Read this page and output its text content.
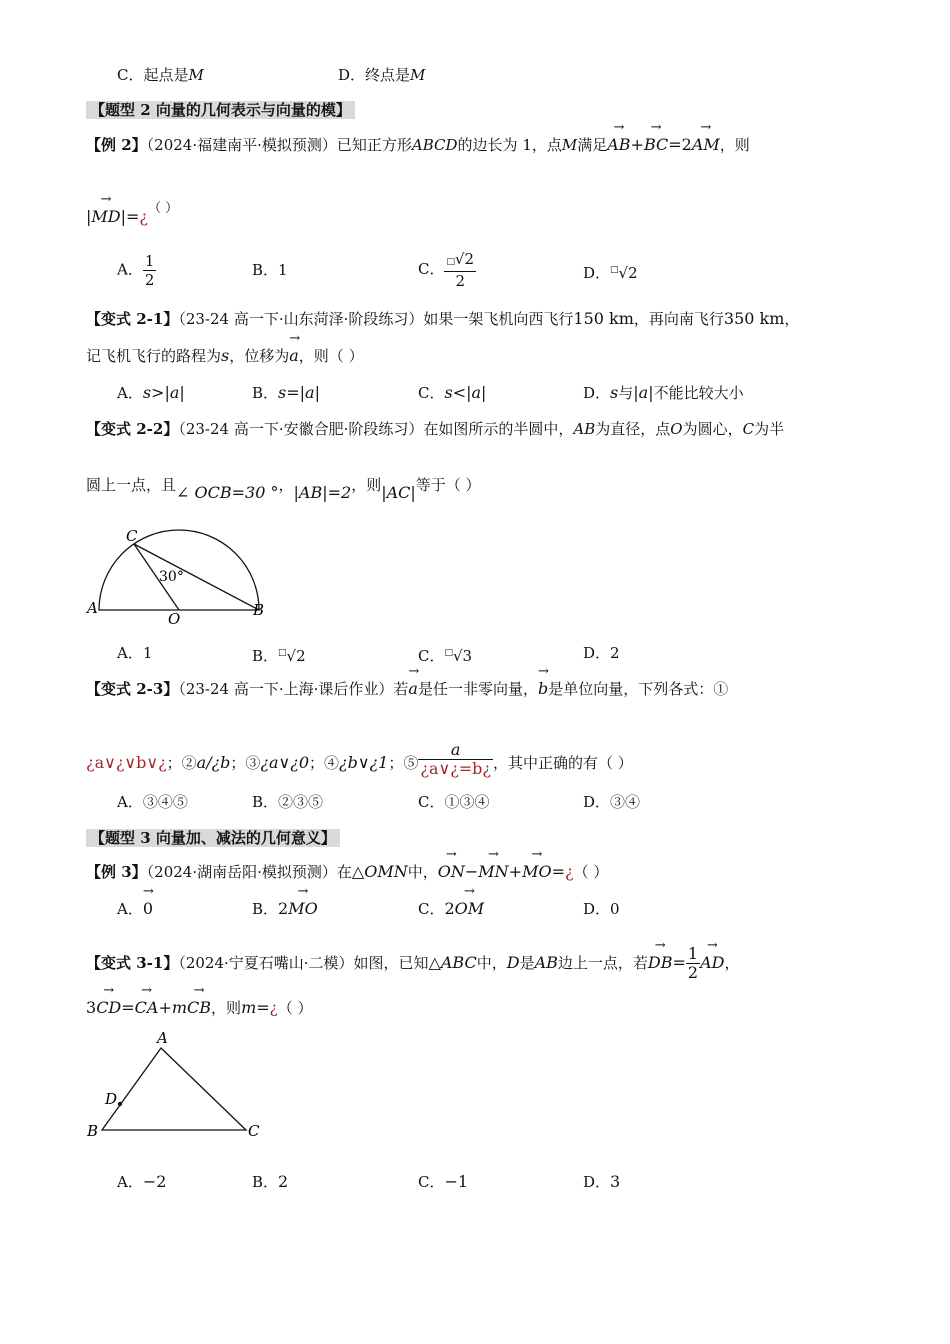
C．起点是M	D．终点是M
【题型 2 向量的几何表示与向量的模】
【例 2】（2024·福建南平·模拟预测）已知正方形ABCD的边长为 1，点M满足→ AB+→ BC=2→ AM，则
|→ MD|=¿（ ）
A． $\frac{1}{2}$	B．1	C． $\frac{□√2}{2}$	D．□√2
【变式 2-1】（23-24 高一下·山东菏泽·阶段练习）如果一架飞机向西飞行150 km，再向南飞行350 km，
记飞机飞行的路程为s，位移为→ a，则（ ）
A．s>|a|	B．s=|a|	C．s<|a|	D．s与|a|不能比较大小
【变式 2-2】（23-24 高一下·安徽合肥·阶段练习）在如图所示的半圆中，AB为直径，点O为圆心，C为半
圆上一点，且∠ OCB=30 °，|AB|=2，则|AC|等于（ ）
C
A
O	B
30°
A．1	B．□√2	C．□√3	D．2
【变式 2-3】（23-24 高一下·上海·课后作业）若→ a是任一非零向量，→ b是单位向量，下列各式：①
¿a∨¿∨b∨¿；②a/¿b；③¿a∨¿0；④¿b∨¿1；⑤ $\frac{a}{¿a\vee¿=b¿}$ ，其中正确的有（ ）
A．③④⑤	B．②③⑤	C．①③④	D．③④
【题型 3 向量加、减法的几何意义】
【例 3】（2024·湖南岳阳·模拟预测）在△OMN中，→ ON−→ MN+→ MO=¿（ ）
A．→ 0	B．2→ MO	C．2→ OM	D．0
【变式 3-1】（2024·宁夏石嘴山·二模）如图，已知△ABC中，D是AB边上一点，若→ $DB= \frac{1}{2}$
→ AD，
3→ CD=→ CA+m→ CB，则m=¿（ ）
A
B	C
D
A．−2	B．2	C．−1	D．3
